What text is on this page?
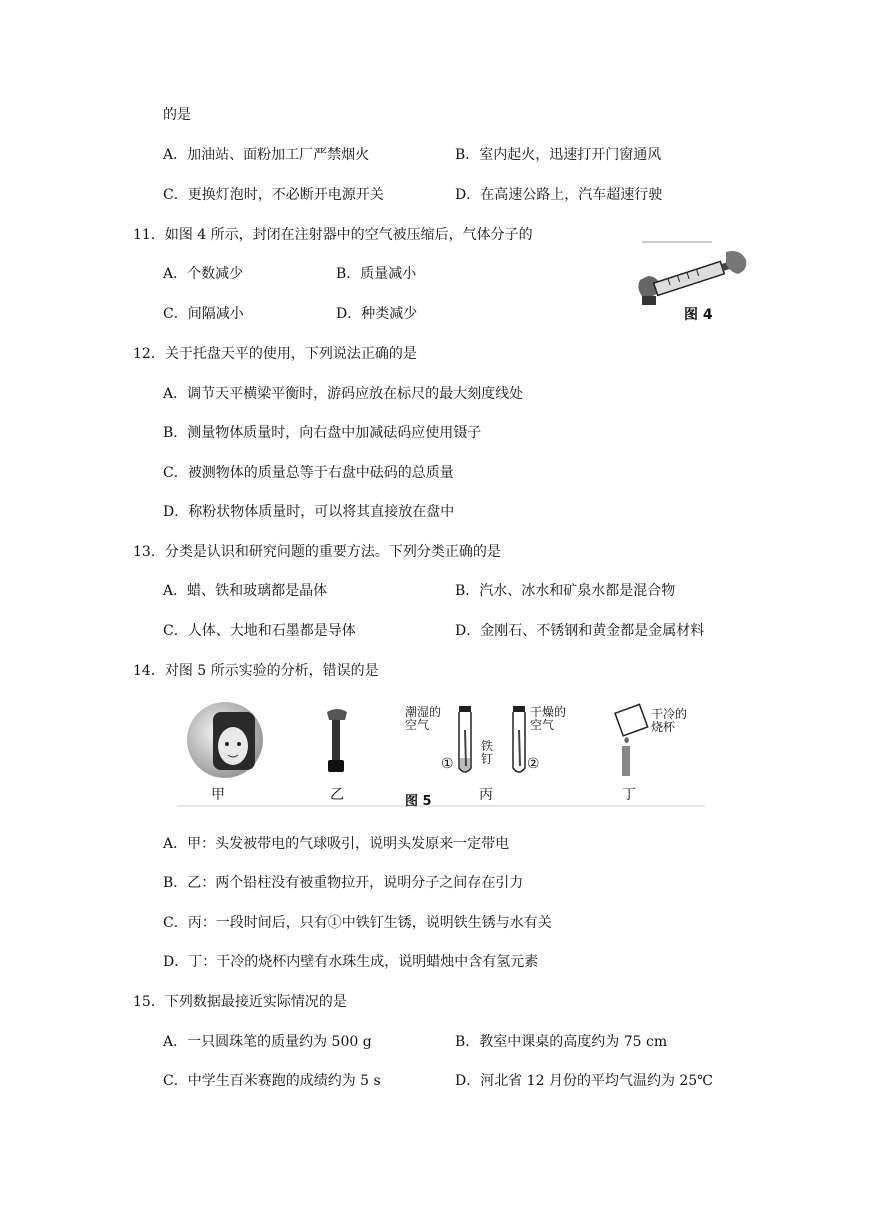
的是
A．加油站、面粉加工厂严禁烟火	B．室内起火，迅速打开门窗通风
C．更换灯泡时，不必断开电源开关	D．在高速公路上，汽车超速行驶
11．如图 4 所示，封闭在注射器中的空气被压缩后，气体分子的
A．个数减少	B．质量减小
C．间隔减小	D．种类减少	图 4
12．关于托盘天平的使用，下列说法正确的是
A．调节天平横梁平衡时，游码应放在标尺的最大刻度线处
B．测量物体质量时，向右盘中加减砝码应使用镊子
C．被测物体的质量总等于右盘中砝码的总质量
D．称粉状物体质量时，可以将其直接放在盘中
13．分类是认识和研究问题的重要方法。下列分类正确的是
A．蜡、铁和玻璃都是晶体	B．汽水、冰水和矿泉水都是混合物
C．人体、大地和石墨都是导体	D．金刚石、不锈钢和黄金都是金属材料
14．对图 5 所示实验的分析，错误的是
潮湿的
空气
干燥的
空气
铁
钉
①	②
干冷的
烧杯
甲	乙	图 5	丙	丁
A．甲：头发被带电的气球吸引，说明头发原来一定带电
B．乙：两个铅柱没有被重物拉开，说明分子之间存在引力
C．丙：一段时间后，只有①中铁钉生锈，说明铁生锈与水有关
D．丁：干冷的烧杯内壁有水珠生成，说明蜡烛中含有氢元素
15．下列数据最接近实际情况的是
A．一只圆珠笔的质量约为 500 g	B．教室中课桌的高度约为 75 cm
C．中学生百米赛跑的成绩约为 5 s	D．河北省 12 月份的平均气温约为 25℃
